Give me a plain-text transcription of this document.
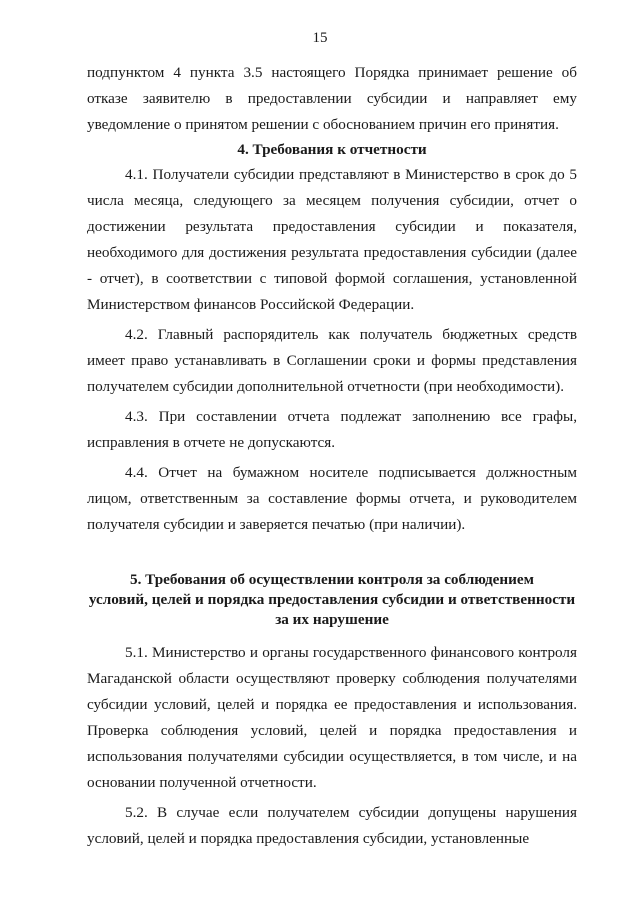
15

подпунктом 4 пункта 3.5 настоящего Порядка принимает решение об отказе заявителю в предоставлении субсидии и направляет ему уведомление о принятом решении с обоснованием причин его принятия.

4. Требования к отчетности

4.1. Получатели субсидии представляют в Министерство в срок до 5 числа месяца, следующего за месяцем получения субсидии, отчет о достижении результата предоставления субсидии и показателя, необходимого для достижения результата предоставления субсидии (далее - отчет), в соответствии с типовой формой соглашения, установленной Министерством финансов Российской Федерации.

4.2. Главный распорядитель как получатель бюджетных средств имеет право устанавливать в Соглашении сроки и формы представления получателем субсидии дополнительной отчетности (при необходимости).

4.3. При составлении отчета подлежат заполнению все графы, исправления в отчете не допускаются.

4.4. Отчет на бумажном носителе подписывается должностным лицом, ответственным за составление формы отчета, и руководителем получателя субсидии и заверяется печатью (при наличии).

5. Требования об осуществлении контроля за соблюдением
условий, целей и порядка предоставления субсидии и ответственности
за их нарушение

5.1. Министерство и органы государственного финансового контроля Магаданской области осуществляют проверку соблюдения получателями субсидии условий, целей и порядка ее предоставления и использования. Проверка соблюдения условий, целей и порядка предоставления и использования получателями субсидии осуществляется, в том числе, и на основании полученной отчетности.

5.2. В случае если получателем субсидии допущены нарушения условий, целей и порядка предоставления субсидии, установленные
